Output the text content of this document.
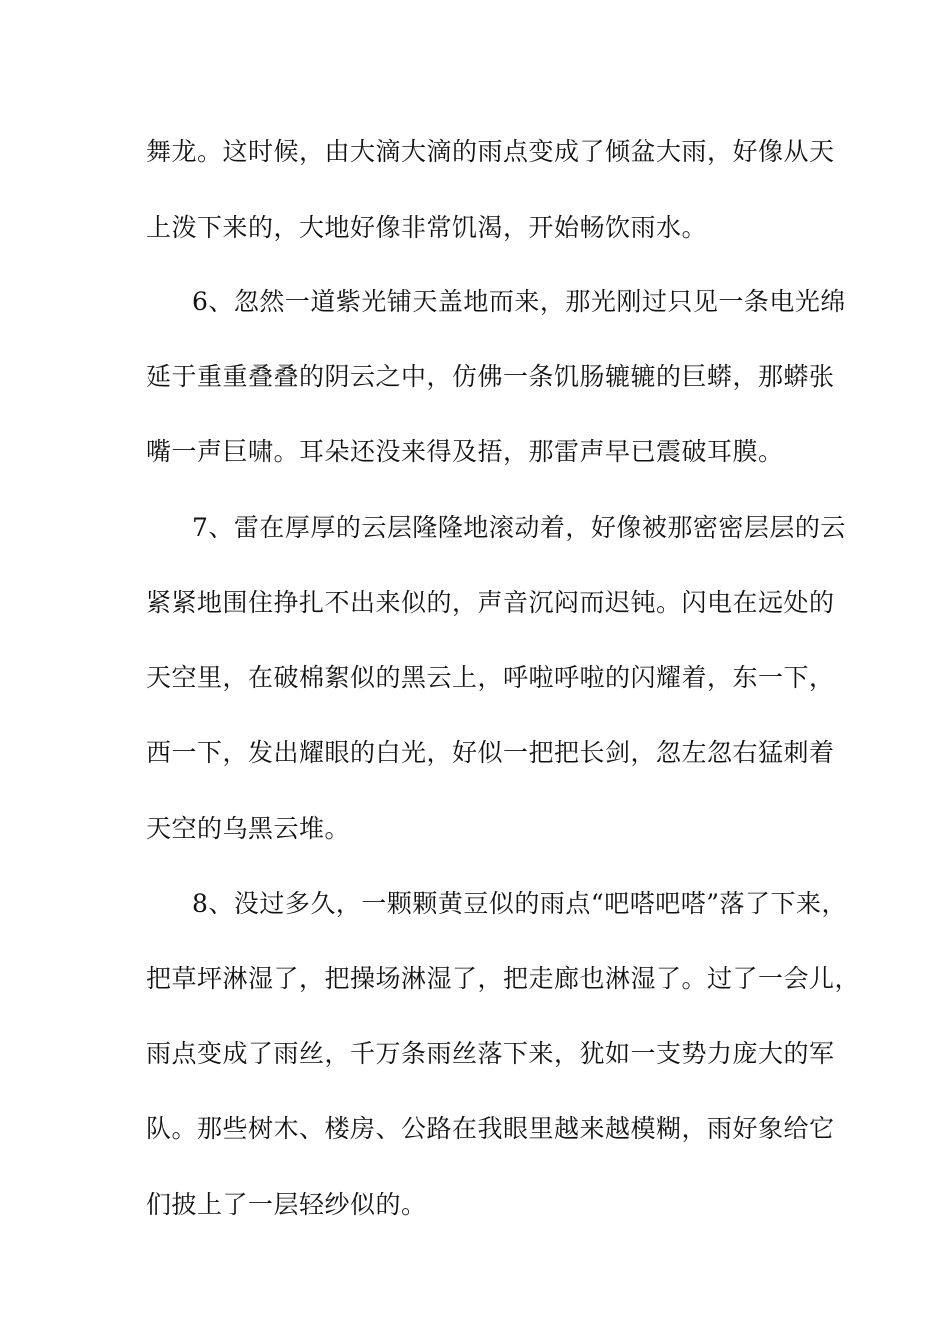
舞龙。这时候，由大滴大滴的雨点变成了倾盆大雨，好像从天
上泼下来的，大地好像非常饥渴，开始畅饮雨水。
6、忽然一道紫光铺天盖地而来，那光刚过只见一条电光绵
延于重重叠叠的阴云之中，仿佛一条饥肠辘辘的巨蟒，那蟒张
嘴一声巨啸。耳朵还没来得及捂，那雷声早已震破耳膜。
7、雷在厚厚的云层隆隆地滚动着，好像被那密密层层的云
紧紧地围住挣扎不出来似的，声音沉闷而迟钝。闪电在远处的
天空里，在破棉絮似的黑云上，呼啦呼啦的闪耀着，东一下，
西一下，发出耀眼的白光，好似一把把长剑，忽左忽右猛刺着
天空的乌黑云堆。
8、没过多久，一颗颗黄豆似的雨点“吧嗒吧嗒”落了下来，
把草坪淋湿了，把操场淋湿了，把走廊也淋湿了。过了一会儿，
雨点变成了雨丝，千万条雨丝落下来，犹如一支势力庞大的军
队。那些树木、楼房、公路在我眼里越来越模糊，雨好象给它
们披上了一层轻纱似的。
